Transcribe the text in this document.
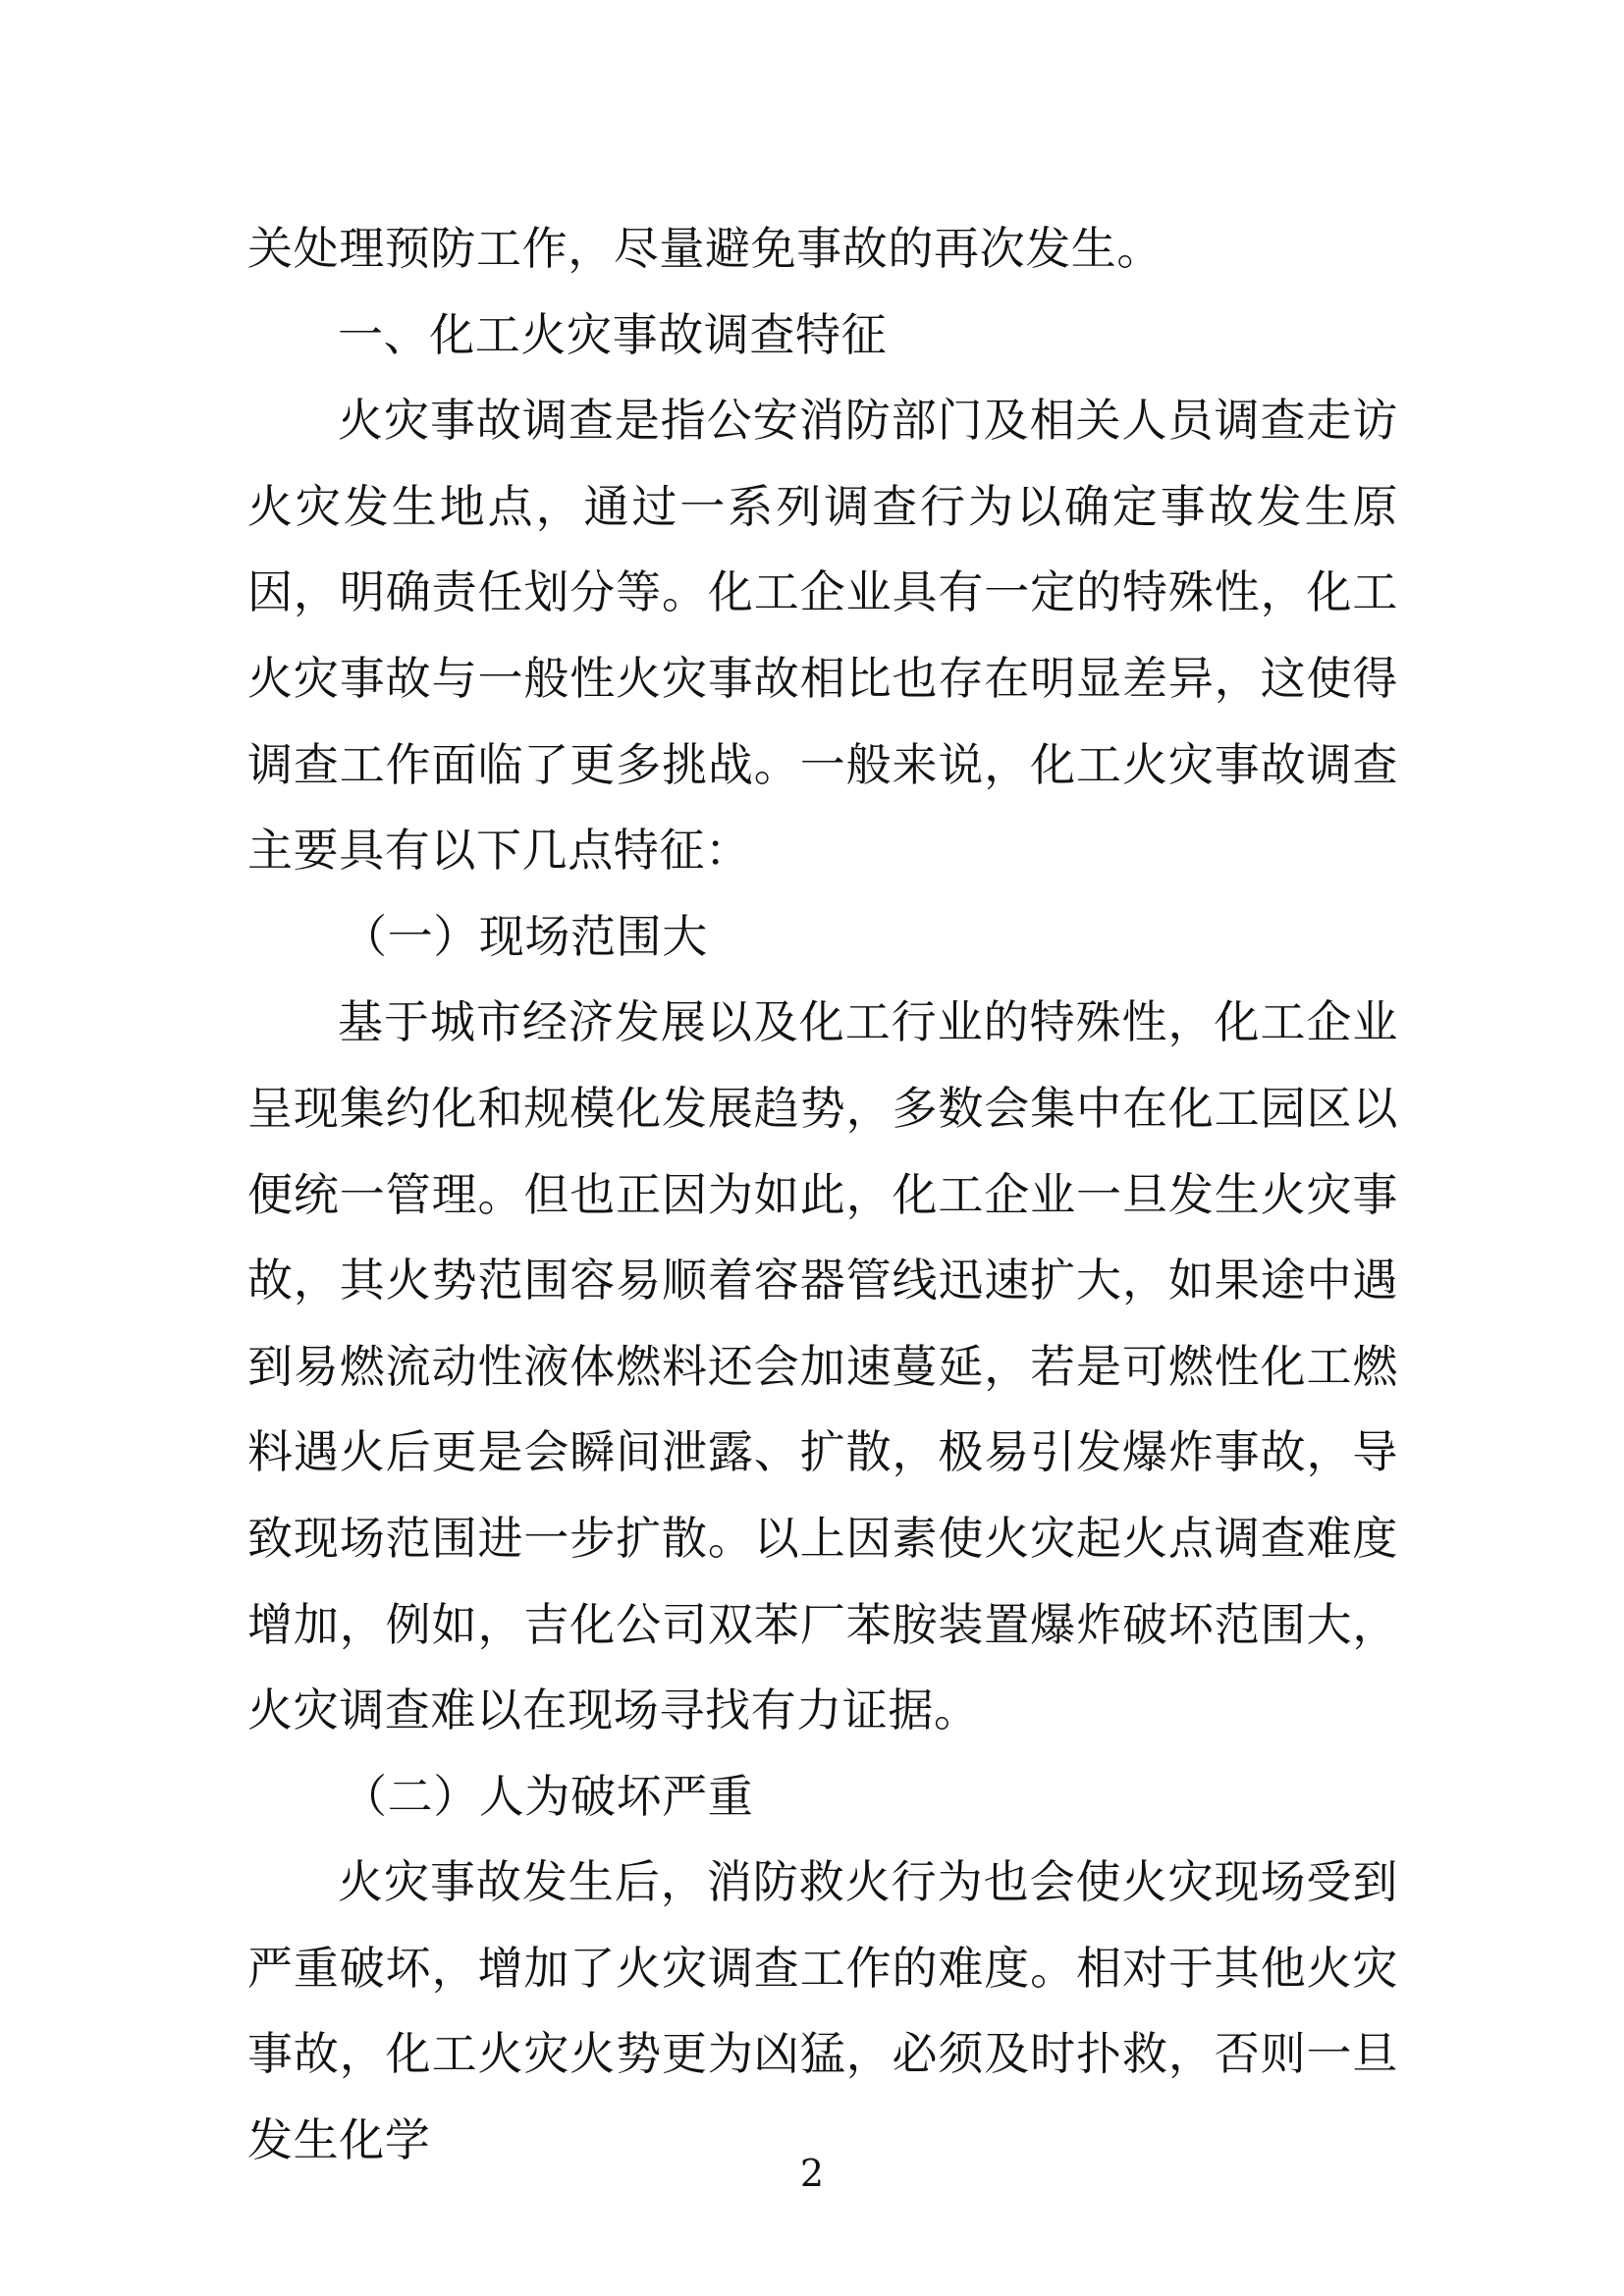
关处理预防工作，尽量避免事故的再次发生。

一、化工火灾事故调查特征

火灾事故调查是指公安消防部门及相关人员调查走访火灾发生地点，通过一系列调查行为以确定事故发生原因，明确责任划分等。化工企业具有一定的特殊性，化工火灾事故与一般性火灾事故相比也存在明显差异，这使得调查工作面临了更多挑战。一般来说，化工火灾事故调查主要具有以下几点特征：

（一）现场范围大

基于城市经济发展以及化工行业的特殊性，化工企业呈现集约化和规模化发展趋势，多数会集中在化工园区以便统一管理。但也正因为如此，化工企业一旦发生火灾事故，其火势范围容易顺着容器管线迅速扩大，如果途中遇到易燃流动性液体燃料还会加速蔓延，若是可燃性化工燃料遇火后更是会瞬间泄露、扩散，极易引发爆炸事故，导致现场范围进一步扩散。以上因素使火灾起火点调查难度增加，例如，吉化公司双苯厂苯胺装置爆炸破坏范围大，火灾调查难以在现场寻找有力证据。

（二）人为破坏严重

火灾事故发生后，消防救火行为也会使火灾现场受到严重破坏，增加了火灾调查工作的难度。相对于其他火灾事故，化工火灾火势更为凶猛，必须及时扑救，否则一旦发生化学

2
